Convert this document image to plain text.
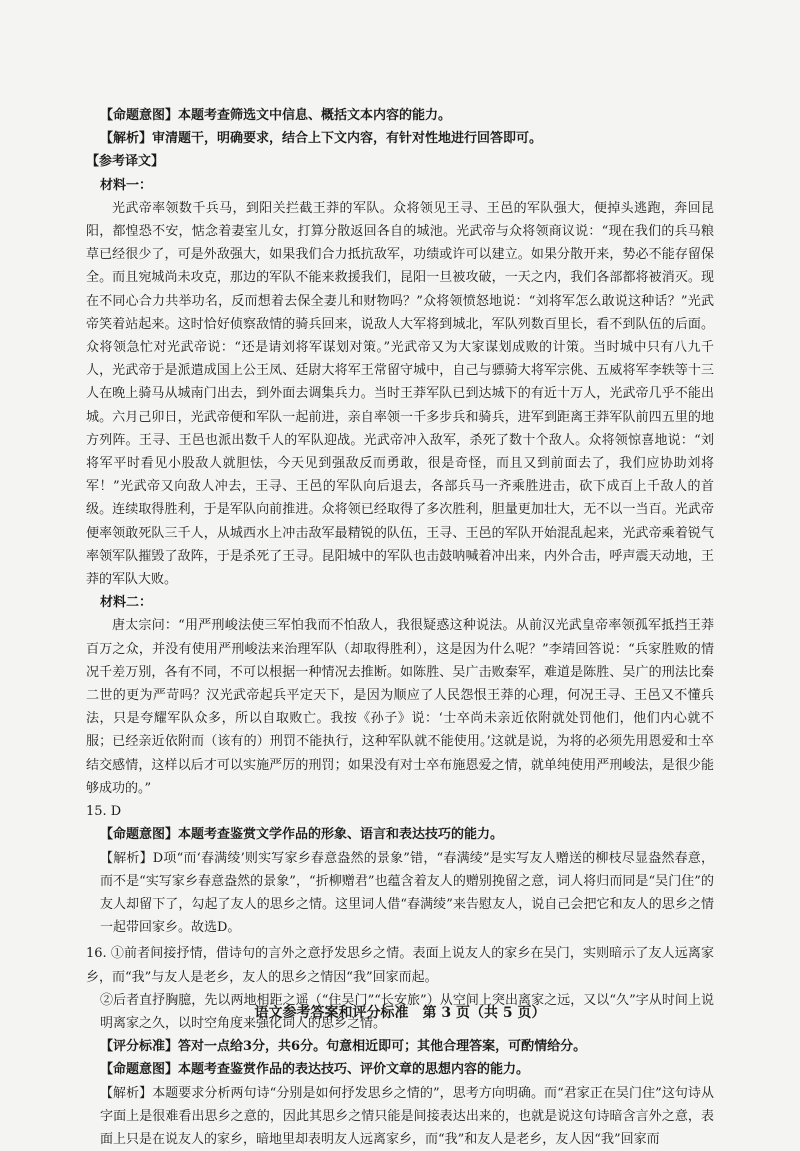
【命题意图】本题考查筛选文中信息、概括文本内容的能力。
【解析】审清题干，明确要求，结合上下文内容，有针对性地进行回答即可。
【参考译文】
材料一：
光武帝率领数千兵马，到阳关拦截王莽的军队。众将领见王寻、王邑的军队强大，便掉头逃跑，奔回昆阳，都惶恐不安，惦念着妻室儿女，打算分散返回各自的城池。光武帝与众将领商议说：“现在我们的兵马粮草已经很少了，可是外敌强大，如果我们合力抵抗敌军，功绩或许可以建立。如果分散开来，势必不能存留保全。而且宛城尚未攻克，那边的军队不能来救援我们，昆阳一旦被攻破，一天之内，我们各部都将被消灭。现在不同心合力共举功名，反而想着去保全妻儿和财物吗？”众将领愤怒地说：“刘将军怎么敢说这种话？”光武帝笑着站起来。这时恰好侦察敌情的骑兵回来，说敌人大军将到城北，军队列数百里长，看不到队伍的后面。众将领急忙对光武帝说：“还是请刘将军谋划对策。”光武帝又为大家谋划成败的计策。当时城中只有八九千人，光武帝于是派遣成国上公王凤、廷尉大将军王常留守城中，自己与骠骑大将军宗佻、五威将军李轶等十三人在晚上骑马从城南门出去，到外面去调集兵力。当时王莽军队已到达城下的有近十万人，光武帝几乎不能出城。六月己卯日，光武帝便和军队一起前进，亲自率领一千多步兵和骑兵，进军到距离王莽军队前四五里的地方列阵。王寻、王邑也派出数千人的军队迎战。光武帝冲入敌军，杀死了数十个敌人。众将领惊喜地说：“刘将军平时看见小股敌人就胆怯，今天见到强敌反而勇敢，很是奇怪，而且又到前面去了，我们应协助刘将军！”光武帝又向敌人冲去，王寻、王邑的军队向后退去，各部兵马一齐乘胜进击，砍下成百上千敌人的首级。连续取得胜利，于是军队向前推进。众将领已经取得了多次胜利，胆量更加壮大，无不以一当百。光武帝便率领敢死队三千人，从城西水上冲击敌军最精锐的队伍，王寻、王邑的军队开始混乱起来，光武帝乘着锐气率领军队摧毁了敌阵，于是杀死了王寻。昆阳城中的军队也击鼓呐喊着冲出来，内外合击，呼声震天动地，王莽的军队大败。
材料二：
唐太宗问：“用严刑峻法使三军怕我而不怕敌人，我很疑惑这种说法。从前汉光武皇帝率领孤军抵挡王莽百万之众，并没有使用严刑峻法来治理军队（却取得胜利），这是因为什么呢？”李靖回答说：“兵家胜败的情况千差万别，各有不同，不可以根据一种情况去推断。如陈胜、吴广击败秦军，难道是陈胜、吴广的刑法比秦二世的更为严苛吗？汉光武帝起兵平定天下，是因为顺应了人民怨恨王莽的心理，何况王寻、王邑又不懂兵法，只是夸耀军队众多，所以自取败亡。我按《孙子》说：‘士卒尚未亲近依附就处罚他们，他们内心就不服；已经亲近依附而（该有的）刑罚不能执行，这种军队就不能使用。’这就是说，为将的必须先用恩爱和士卒结交感情，这样以后才可以实施严厉的刑罚；如果没有对士卒布施恩爱之情，就单纯使用严刑峻法，是很少能够成功的。”
15. D
【命题意图】本题考查鉴赏文学作品的形象、语言和表达技巧的能力。
【解析】D项“而‘春满绫’则实写家乡春意盎然的景象”错，“春满绫”是实写友人赠送的柳枝尽显盎然春意，而不是“实写家乡春意盎然的景象”，“折柳赠君”也蕴含着友人的赠别挽留之意，词人将归而同是“吴门住”的友人却留下了，勾起了友人的思乡之情。这里词人借“春满绫”来告慰友人，说自己会把它和友人的思乡之情一起带回家乡。故选D。
16. ①前者间接抒情，借诗句的言外之意抒发思乡之情。表面上说友人的家乡在吴门，实则暗示了友人远离家乡，而“我”与友人是老乡，友人的思乡之情因“我”回家而起。
②后者直抒胸臆，先以两地相距之遥（“住吴门”“长安旅”）从空间上突出离家之远，又以“久”字从时间上说明离家之久，以时空角度来强化词人的思乡之情。
【评分标准】答对一点给3分，共6分。句意相近即可；其他合理答案，可酌情给分。
【命题意图】本题考查鉴赏作品的表达技巧、评价文章的思想内容的能力。
【解析】本题要求分析两句诗“分别是如何抒发思乡之情的”，思考方向明确。而“君家正在吴门住”这句诗从字面上是很难看出思乡之意的，因此其思乡之情只能是间接表达出来的，也就是说这句诗暗含言外之意，表面上只是在说友人的家乡，暗地里却表明友人远离家乡，而“我”和友人是老乡，友人因“我”回家而
语文参考答案和评分标准　第 3 页（共 5 页）
